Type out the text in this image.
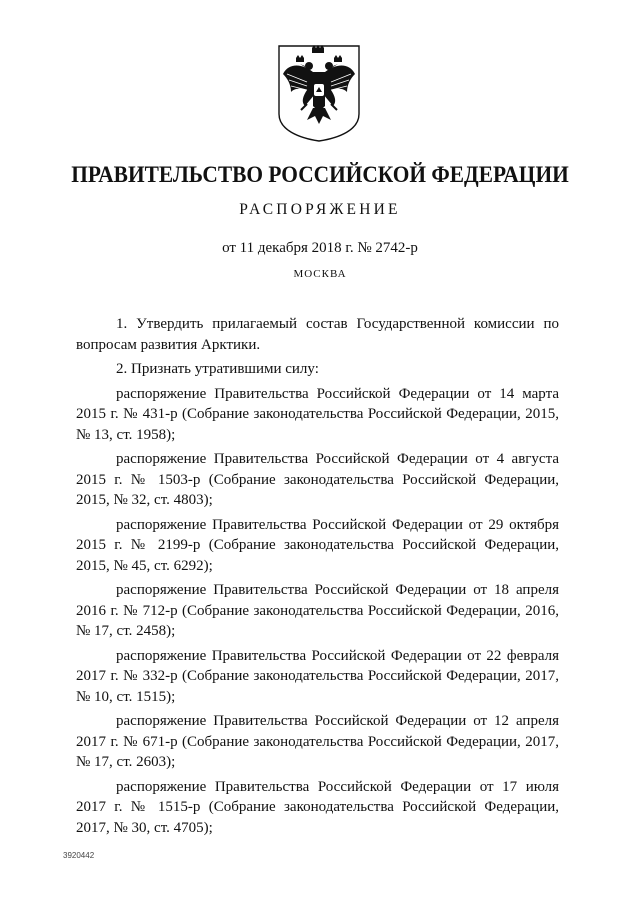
ПРАВИТЕЛЬСТВО РОССИЙСКОЙ ФЕДЕРАЦИИ
РАСПОРЯЖЕНИЕ
от 11 декабря 2018 г. № 2742-р
МОСКВА

1. Утвердить прилагаемый состав Государственной комиссии по вопросам развития Арктики.

2. Признать утратившими силу:

распоряжение Правительства Российской Федерации от 14 марта 2015 г. № 431-р (Собрание законодательства Российской Федерации, 2015, № 13, ст. 1958);

распоряжение Правительства Российской Федерации от 4 августа 2015 г. № 1503-р (Собрание законодательства Российской Федерации, 2015, № 32, ст. 4803);

распоряжение Правительства Российской Федерации от 29 октября 2015 г. № 2199-р (Собрание законодательства Российской Федерации, 2015, № 45, ст. 6292);

распоряжение Правительства Российской Федерации от 18 апреля 2016 г. № 712-р (Собрание законодательства Российской Федерации, 2016, № 17, ст. 2458);

распоряжение Правительства Российской Федерации от 22 февраля 2017 г. № 332-р (Собрание законодательства Российской Федерации, 2017, № 10, ст. 1515);

распоряжение Правительства Российской Федерации от 12 апреля 2017 г. № 671-р (Собрание законодательства Российской Федерации, 2017, № 17, ст. 2603);

распоряжение Правительства Российской Федерации от 17 июля 2017 г. № 1515-р (Собрание законодательства Российской Федерации, 2017, № 30, ст. 4705);

3920442
